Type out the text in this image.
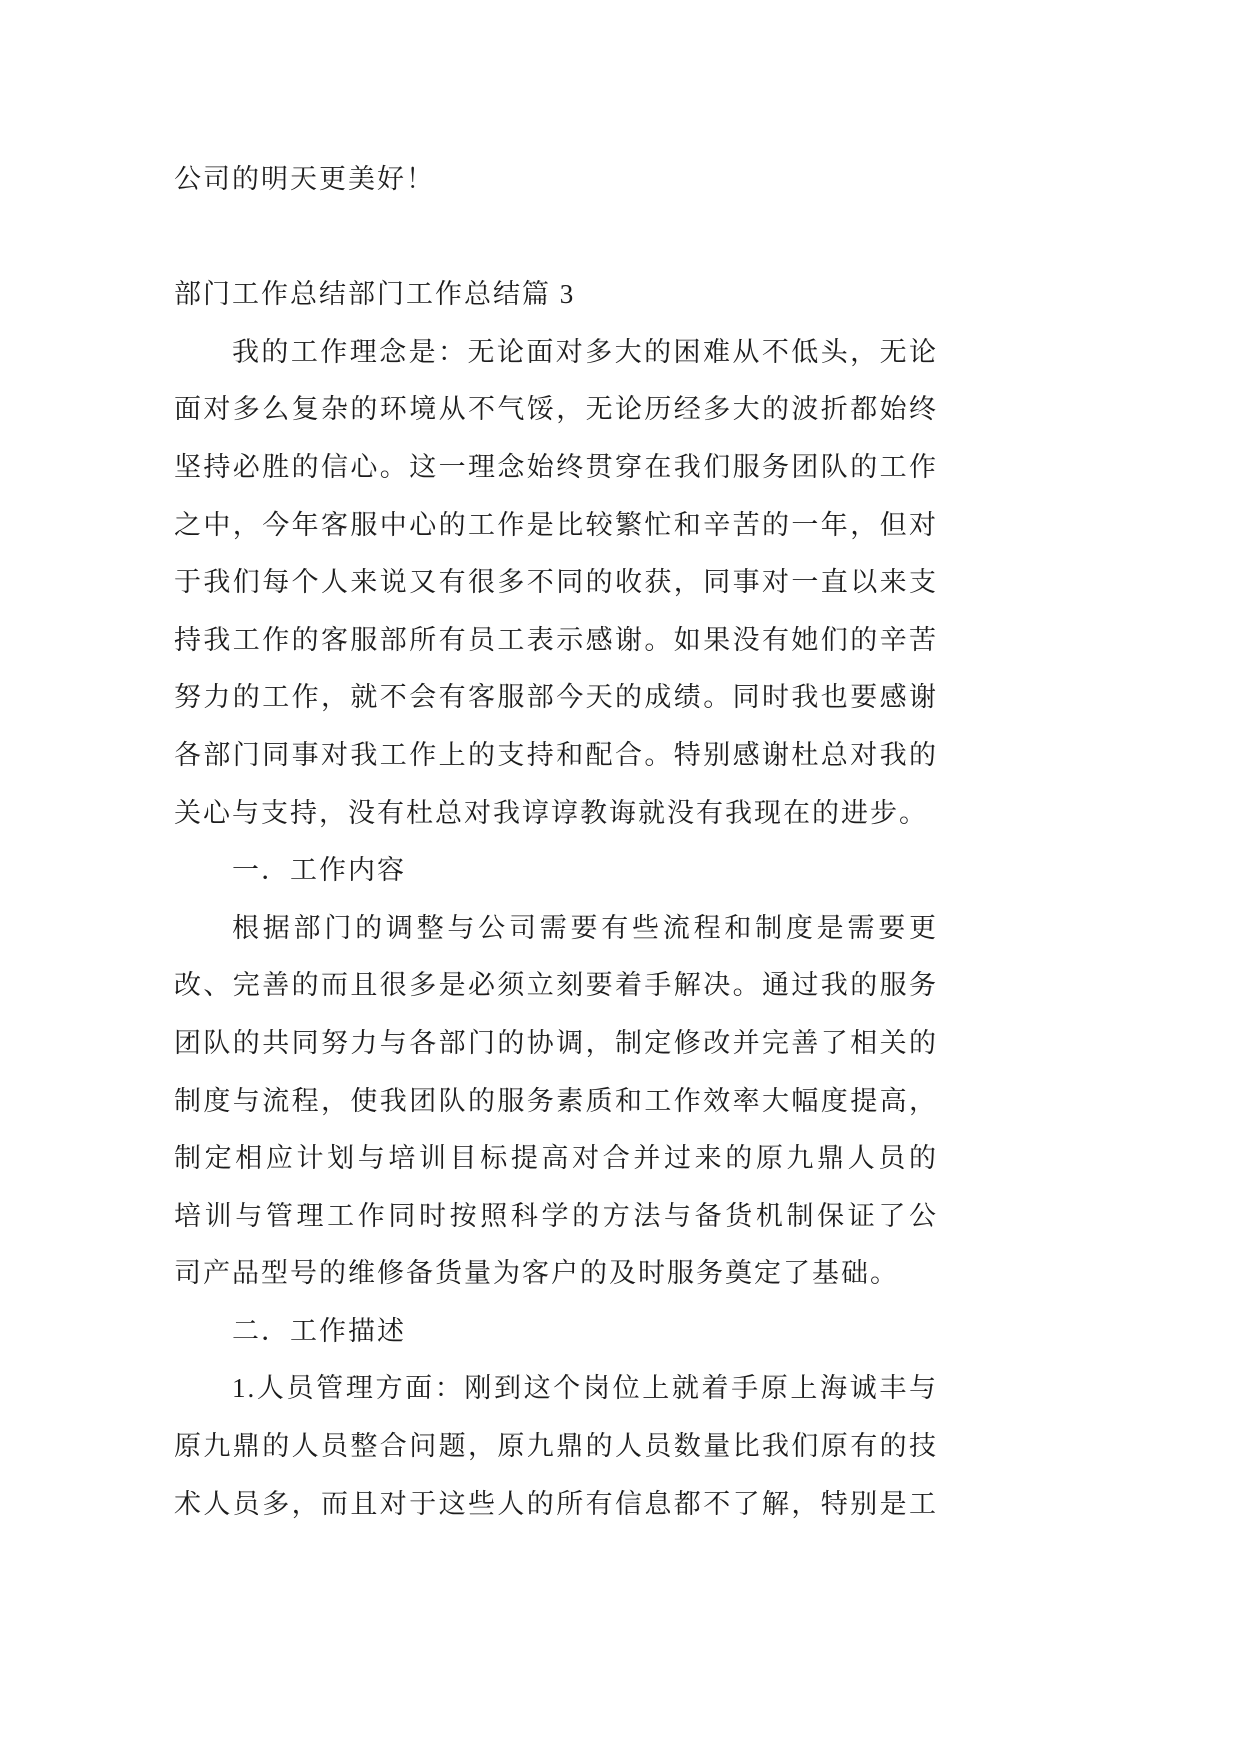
公司的明天更美好！
部门工作总结部门工作总结篇 3
我的工作理念是：无论面对多大的困难从不低头，无论
面对多么复杂的环境从不气馁，无论历经多大的波折都始终
坚持必胜的信心。这一理念始终贯穿在我们服务团队的工作
之中，今年客服中心的工作是比较繁忙和辛苦的一年，但对
于我们每个人来说又有很多不同的收获，同事对一直以来支
持我工作的客服部所有员工表示感谢。如果没有她们的辛苦
努力的工作，就不会有客服部今天的成绩。同时我也要感谢
各部门同事对我工作上的支持和配合。特别感谢杜总对我的
关心与支持，没有杜总对我谆谆教诲就没有我现在的进步。
一．工作内容
根据部门的调整与公司需要有些流程和制度是需要更
改、完善的而且很多是必须立刻要着手解决。通过我的服务
团队的共同努力与各部门的协调，制定修改并完善了相关的
制度与流程，使我团队的服务素质和工作效率大幅度提高，
制定相应计划与培训目标提高对合并过来的原九鼎人员的
培训与管理工作同时按照科学的方法与备货机制保证了公
司产品型号的维修备货量为客户的及时服务奠定了基础。
二．工作描述
1.人员管理方面：刚到这个岗位上就着手原上海诚丰与
原九鼎的人员整合问题，原九鼎的人员数量比我们原有的技
术人员多，而且对于这些人的所有信息都不了解，特别是工
